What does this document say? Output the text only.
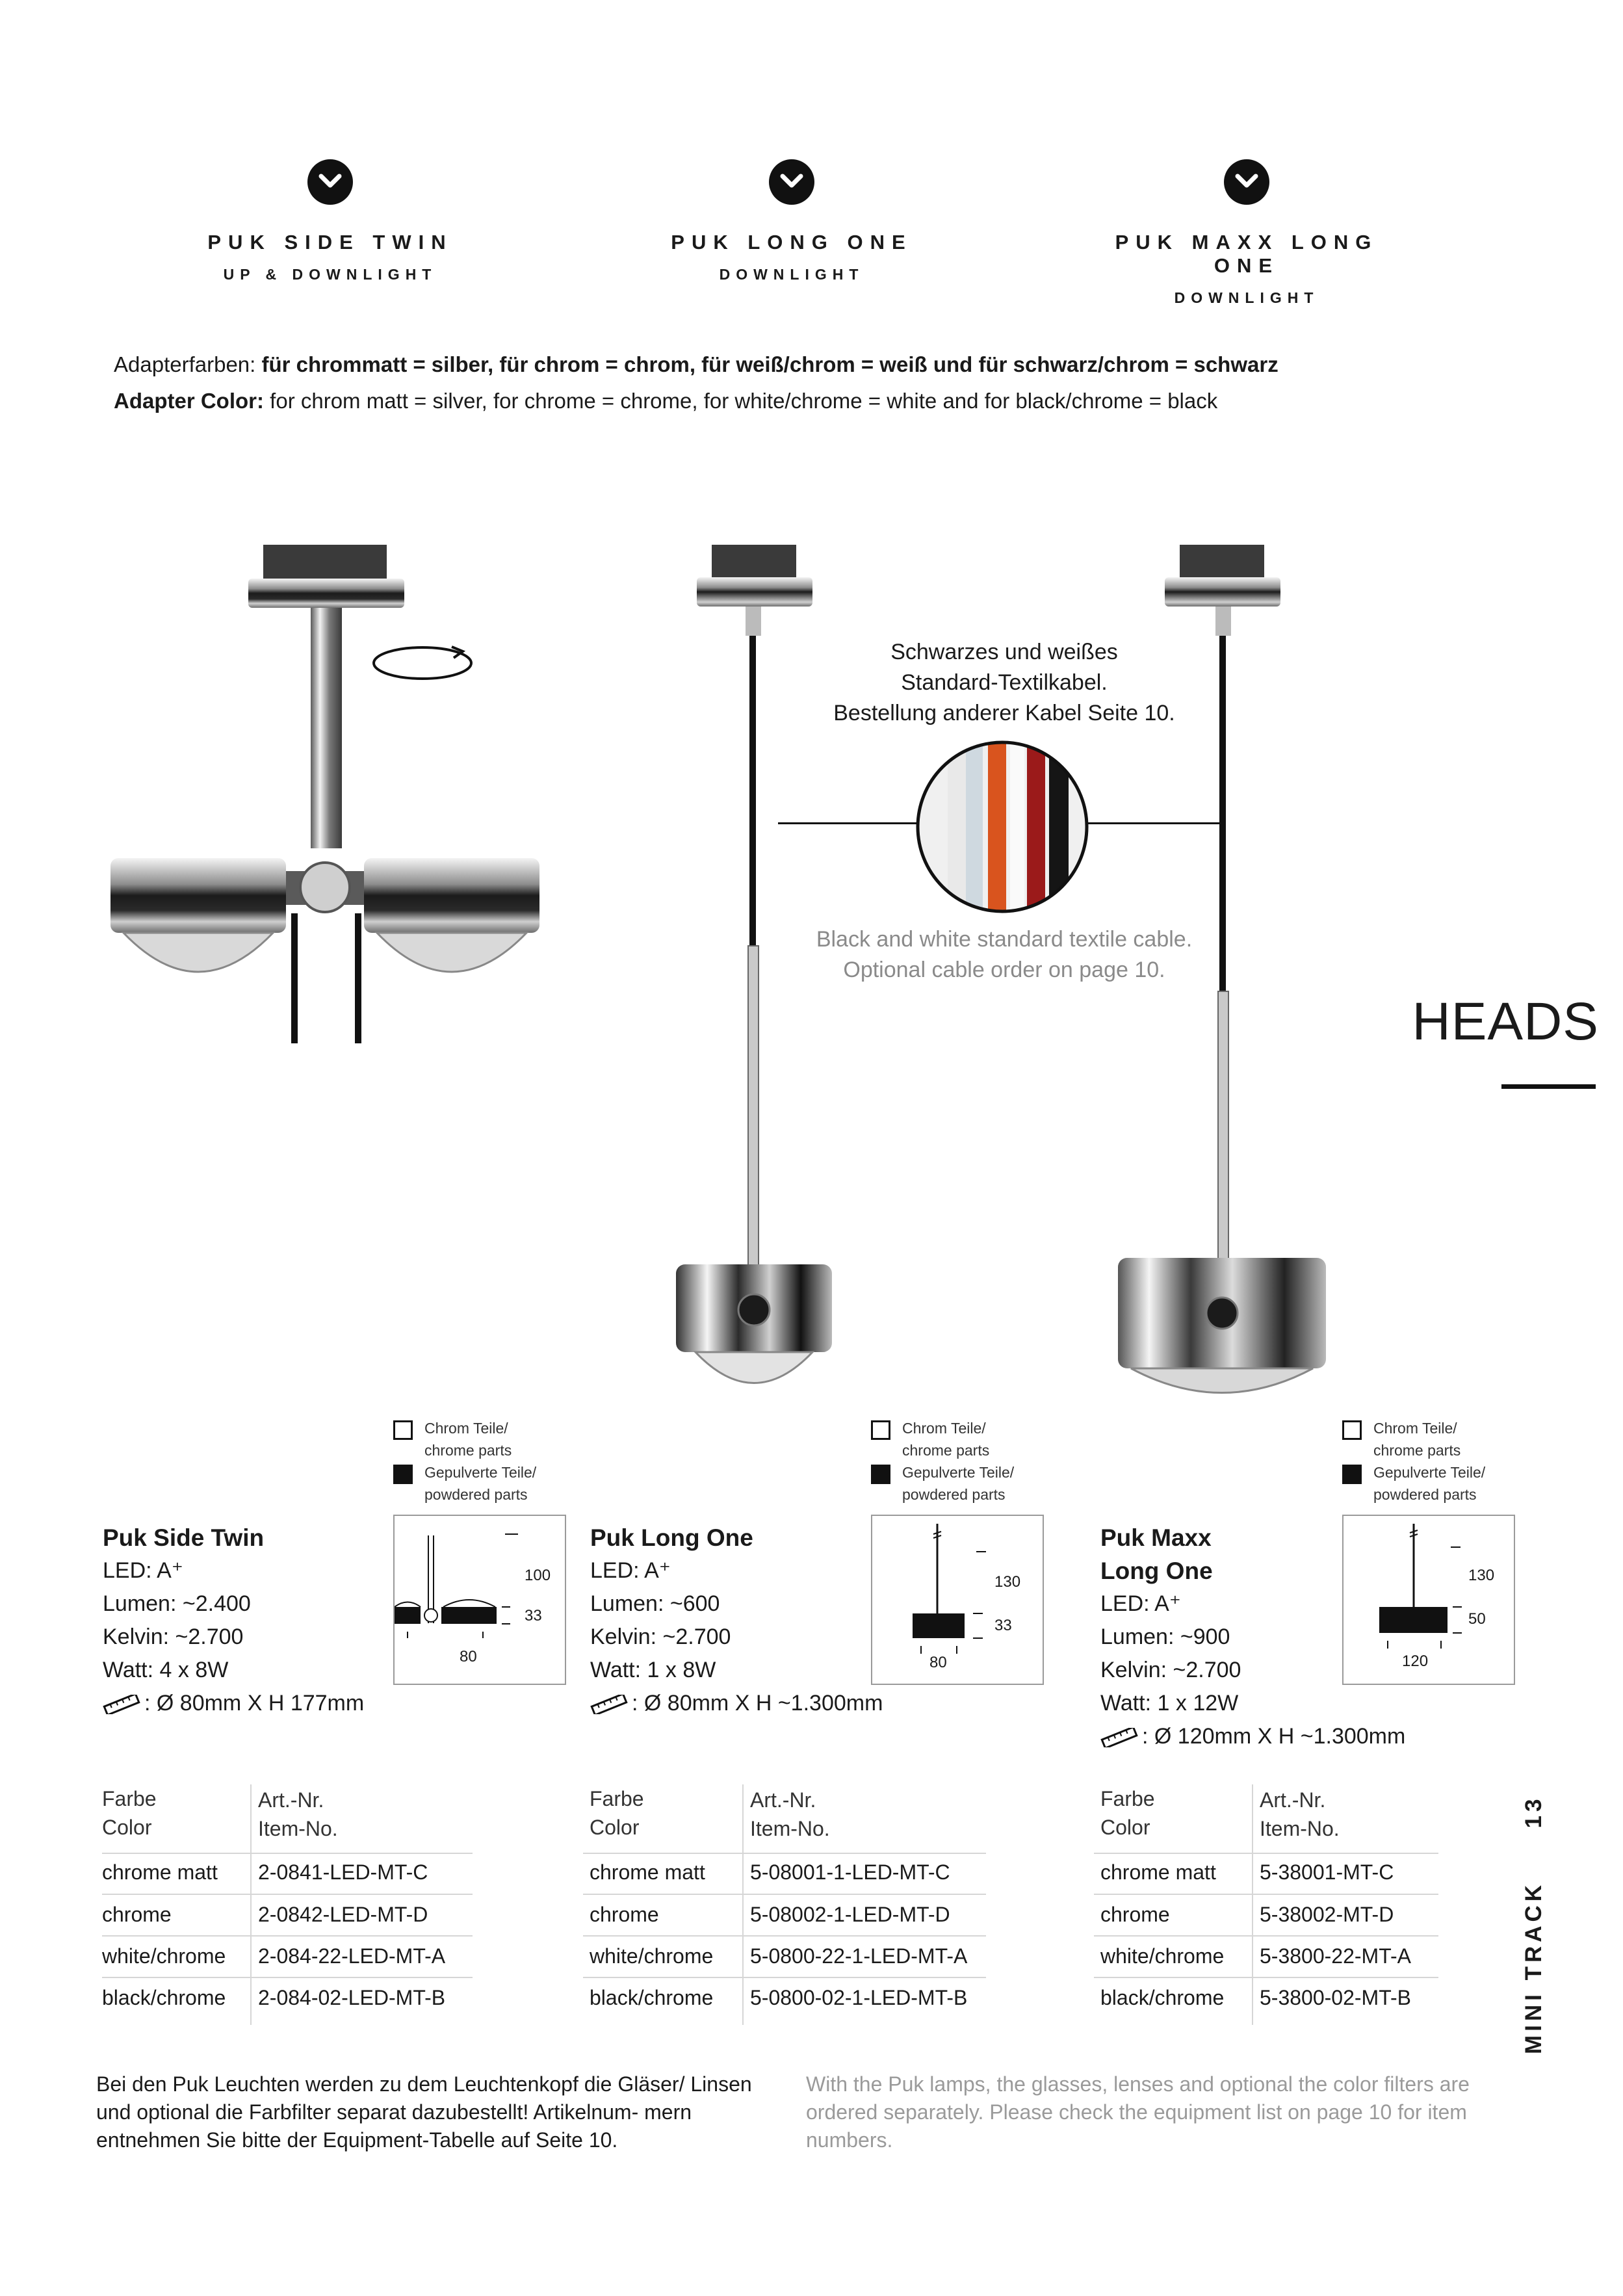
PUK SIDE TWIN
UP & DOWNLIGHT
PUK LONG ONE
DOWNLIGHT
PUK MAXX LONG ONE
DOWNLIGHT
Adapterfarben: für chrommatt = silber, für chrom = chrom, für weiß/chrom = weiß und für schwarz/chrom = schwarz
Adapter Color: for chrom matt = silver, for chrome = chrome, for white/chrome = white and for black/chrome = black
Schwarzes und weißes
Standard-Textilkabel.
Bestellung anderer Kabel Seite 10.
Black and white standard textile cable.
Optional cable order on page 10.
HEADS
Chrom Teile/
chrome parts
Gepulverte Teile/
powdered parts
Chrom Teile/
chrome parts
Gepulverte Teile/
powdered parts
Chrom Teile/
chrome parts
Gepulverte Teile/
powdered parts
100
33
80
130
33
80
130
50
120
Puk Side Twin
LED: A⁺
Lumen: ~2.400
Kelvin: ~2.700
Watt: 4 x 8W
: Ø 80mm X H 177mm
Puk Long One
LED: A⁺
Lumen: ~600
Kelvin: ~2.700
Watt: 1 x 8W
: Ø 80mm X H ~1.300mm
Puk Maxx
Long One
LED: A⁺
Lumen: ~900
Kelvin: ~2.700
Watt: 1 x 12W
: Ø 120mm X H ~1.300mm
Farbe
Color
Art.-Nr.
Item-No.
chrome matt 2-0841-LED-MT-C
chrome	2-0842-LED-MT-D
white/chrome 2-084-22-LED-MT-A
black/chrome 2-084-02-LED-MT-B
Farbe
Color
Art.-Nr.
Item-No.
chrome matt 5-08001-1-LED-MT-C
chrome	5-08002-1-LED-MT-D
white/chrome 5-0800-22-1-LED-MT-A
black/chrome 5-0800-02-1-LED-MT-B
Farbe
Color
Art.-Nr.
Item-No.
chrome matt 5-38001-MT-C
chrome	5-38002-MT-D
white/chrome 5-3800-22-MT-A
black/chrome 5-3800-02-MT-B
Bei den Puk Leuchten werden zu dem Leuchtenkopf die Gläser/ Linsen und optional die Farbfilter separat dazubestellt! Artikelnum- mern entnehmen Sie bitte der Equipment-Tabelle auf Seite 10.
With the Puk lamps, the glasses, lenses and optional the color filters are ordered separately. Please check the equipment list on page 10 for item numbers.
MINI TRACK  13
